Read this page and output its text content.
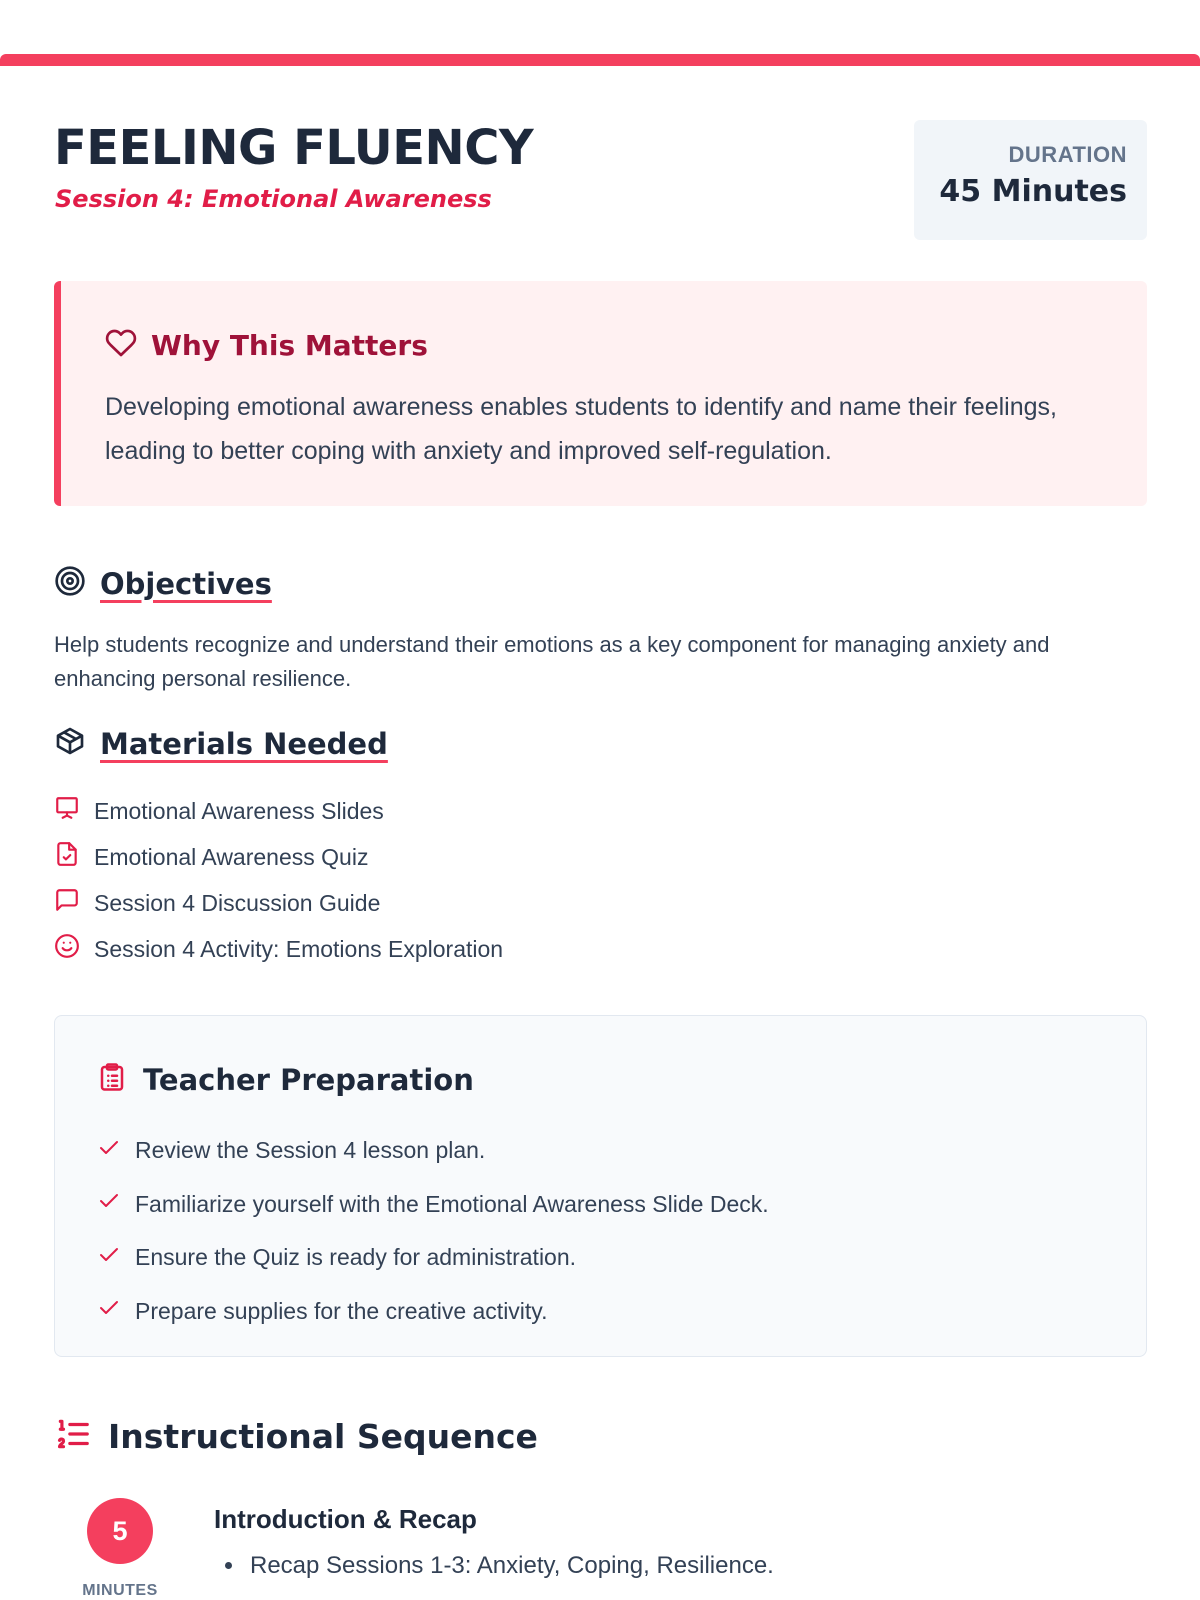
FEELING FLUENCY
Session 4: Emotional Awareness
DURATION
45 Minutes
Why This Matters

Developing emotional awareness enables students to identify and name their feelings, leading to better coping with anxiety and improved self-regulation.

Objectives

Help students recognize and understand their emotions as a key component for managing anxiety and enhancing personal resilience.

Materials Needed
Emotional Awareness Slides
Emotional Awareness Quiz
Session 4 Discussion Guide
Session 4 Activity: Emotions Exploration
Teacher Preparation
Review the Session 4 lesson plan.
Familiarize yourself with the Emotional Awareness Slide Deck.
Ensure the Quiz is ready for administration.
Prepare supplies for the creative activity.
Instructional Sequence
5
MINUTES
Introduction & Recap
• Recap Sessions 1-3: Anxiety, Coping, Resilience.
